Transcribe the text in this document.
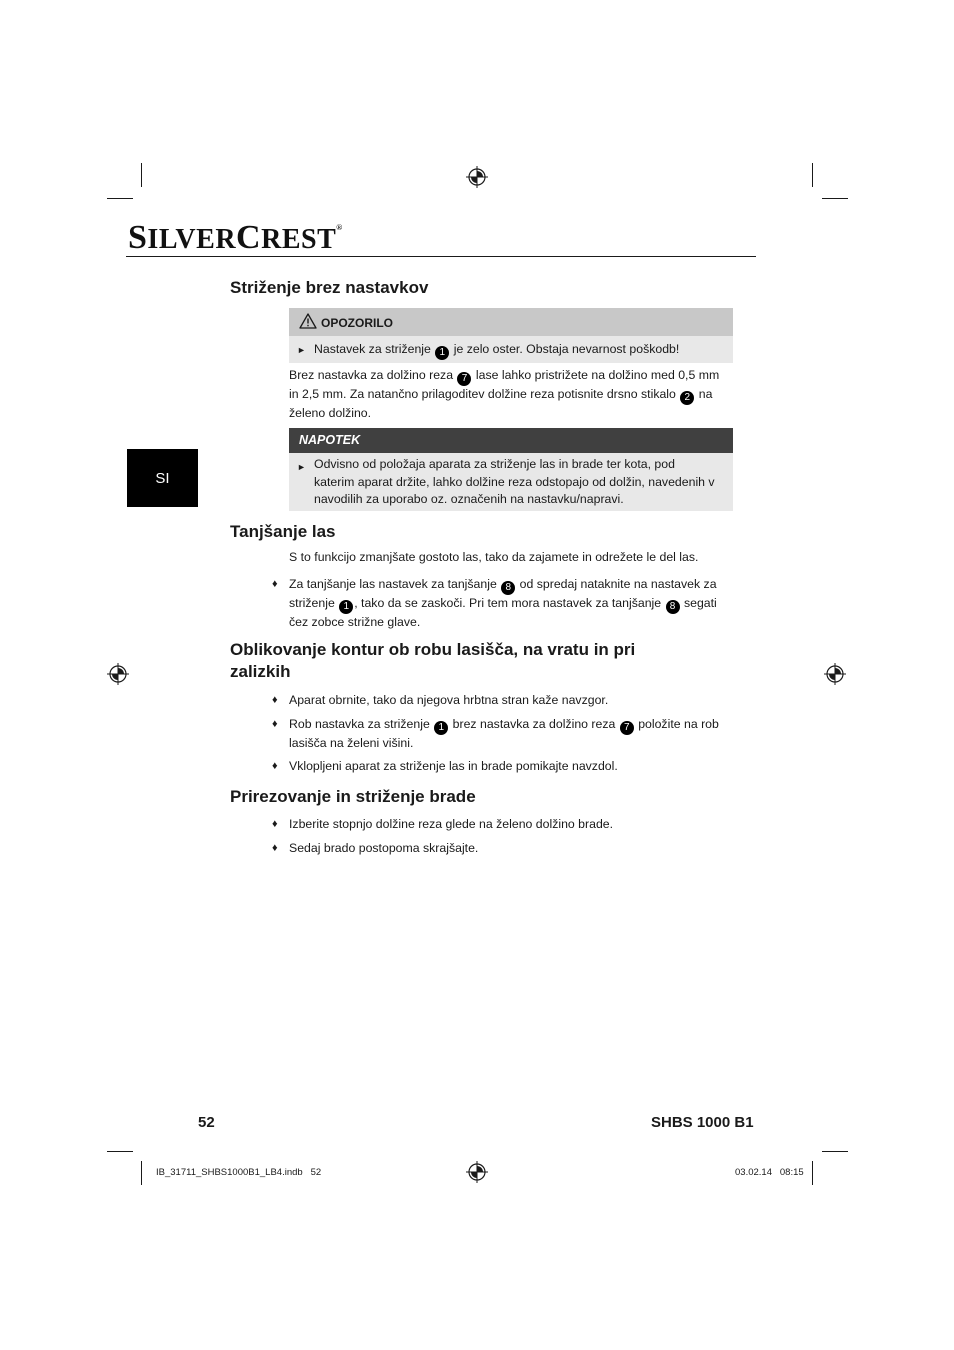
SILVERCREST®
SI
Striženje brez nastavkov
OPOZORILO
► Nastavek za striženje 1 je zelo oster. Obstaja nevarnost poškodb!
Brez nastavka za dolžino reza 7 lase lahko pristrižete na dolžino med 0,5 mm
in 2,5 mm. Za natančno prilagoditev dolžine reza potisnite drsno stikalo 2 na
želeno dolžino.
NAPOTEK
► Odvisno od položaja aparata za striženje las in brade ter kota, pod
katerim aparat držite, lahko dolžine reza odstopajo od dolžin, navedenih v
navodilih za uporabo oz. označenih na nastavku/napravi.
Tanjšanje las
S to funkcijo zmanjšate gostoto las, tako da zajamete in odrežete le del las.
♦ Za tanjšanje las nastavek za tanjšanje 8 od spredaj nataknite na nastavek za
striženje 1 , tako da se zaskoči. Pri tem mora nastavek za tanjšanje 8 segati
čez zobce strižne glave.
Oblikovanje kontur ob robu lasišča, na vratu in pri
zalizkih
♦ Aparat obrnite, tako da njegova hrbtna stran kaže navzgor.
♦ Rob nastavka za striženje 1 brez nastavka za dolžino reza 7 položite na rob
lasišča na želeni višini.
♦ Vklopljeni aparat za striženje las in brade pomikajte navzdol.
Prirezovanje in striženje brade
♦ Izberite stopnjo dolžine reza glede na želeno dolžino brade.
♦ Sedaj brado postopoma skrajšajte.
52	SHBS 1000 B1
IB_31711_SHBS1000B1_LB4.indb   52	03.02.14   08:15
